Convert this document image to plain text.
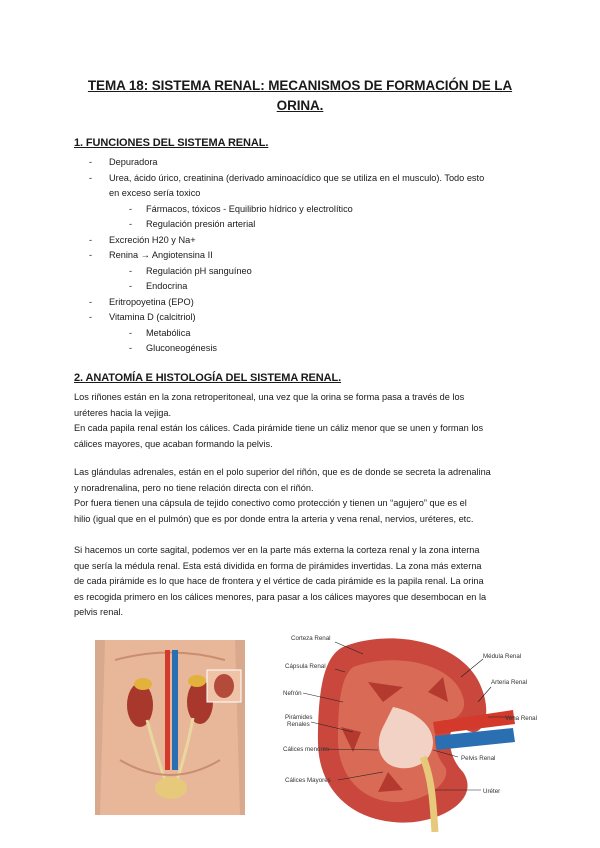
TEMA 18: SISTEMA RENAL: MECANISMOS DE FORMACIÓN DE LA
ORINA.
1. FUNCIONES DEL SISTEMA RENAL.
- Depuradora
- Urea, ácido úrico, creatinina (derivado aminoacídico que se utiliza en el musculo). Todo esto
en exceso sería toxico
- Fármacos, tóxicos - Equilibrio hídrico y electrolítico
- Regulación presión arterial
- Excreción H20 y Na+
- Renina → Angiotensina II
- Regulación pH sanguíneo
- Endocrina
- Eritropoyetina (EPO)
- Vitamina D (calcitriol)
- Metabólica
- Gluconeogénesis
2. ANATOMÍA E HISTOLOGÍA DEL SISTEMA RENAL.
Los riñones están en la zona retroperitoneal, una vez que la orina se forma pasa a través de los
uréteres hacia la vejiga.
En cada papila renal están los cálices. Cada pirámide tiene un cáliz menor que se unen y forman los
cálices mayores, que acaban formando la pelvis.
Las glándulas adrenales, están en el polo superior del riñón, que es de donde se secreta la adrenalina
y noradrenalina, pero no tiene relación directa con el riñón.
Por fuera tienen una cápsula de tejido conectivo como protección y tienen un “agujero” que es el
hilio (igual que en el pulmón) que es por donde entra la arteria y vena renal, nervios, uréteres, etc.
Si hacemos un corte sagital, podemos ver en la parte más externa la corteza renal y la zona interna
que sería la médula renal. Esta está dividida en forma de pirámides invertidas. La zona más externa
de cada pirámide es lo que hace de frontera y el vértice de cada pirámide es la papila renal. La orina
es recogida primero en los cálices menores, para pasar a los cálices mayores que desembocan en la
pelvis renal.
Corteza Renal
Cápsula Renal
Nefrón
Pirámides
Renales
Cálices menores
Cálices Mayores
Médula Renal
Arteria Renal
Vena Renal
Pelvis Renal
Uréter
